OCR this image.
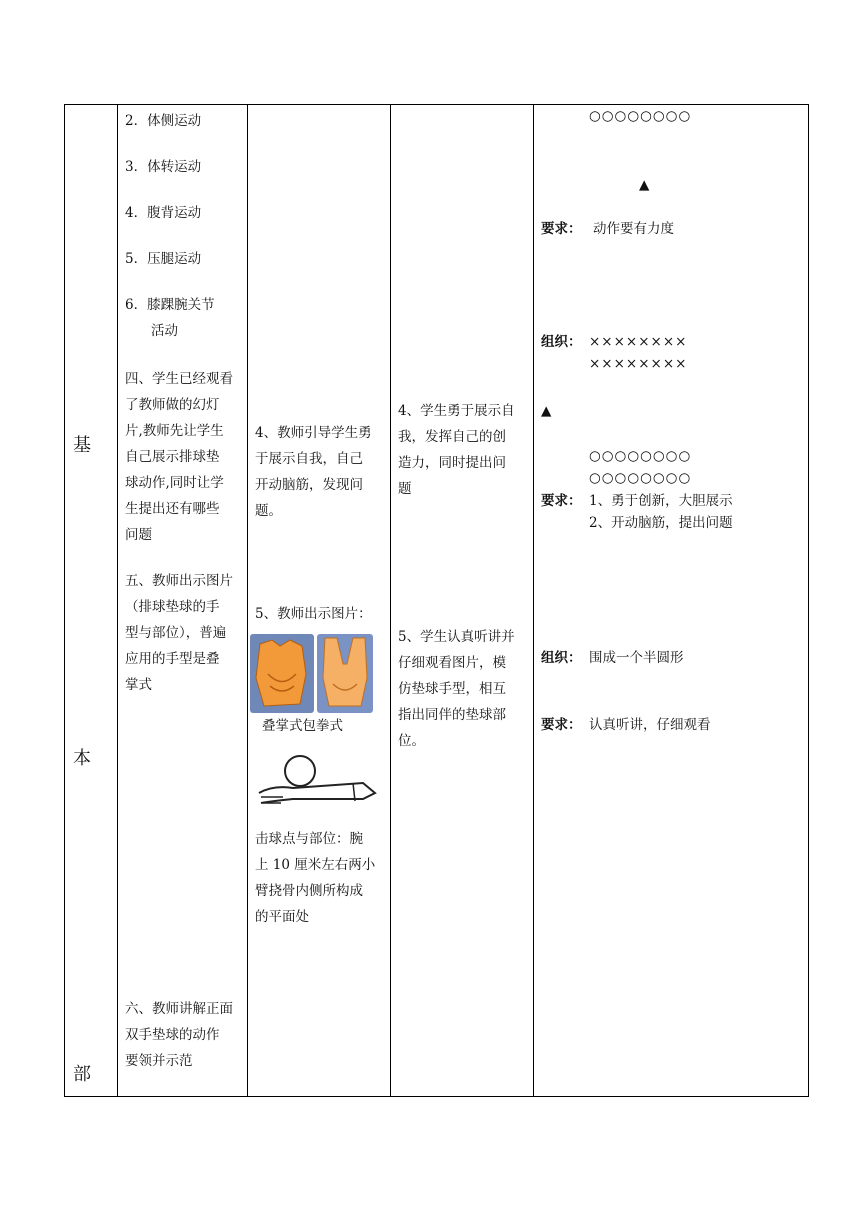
基
本
部
2．体侧运动
3．体转运动
4．腹背运动
5．压腿运动
6．膝踝腕关节
活动
四、学生已经观看
了教师做的幻灯
片,教师先让学生
自己展示排球垫
球动作,同时让学
生提出还有哪些
问题
五、教师出示图片
（排球垫球的手
型与部位），普遍
应用的手型是叠
掌式
六、教师讲解正面
双手垫球的动作
要领并示范
4、教师引导学生勇
于展示自我，自己
开动脑筋，发现问
题。
5、教师出示图片：
叠掌式包拳式
击球点与部位：腕
上 10 厘米左右两小
臂挠骨内侧所构成
的平面处
4、学生勇于展示自
我，发挥自己的创
造力，同时提出问
题
5、学生认真听讲并
仔细观看图片，模
仿垫球手型，相互
指出同伴的垫球部
位。
○○○○○○○○
▲
要求： 动作要有力度
组织： ××××××××
××××××××
▲
○○○○○○○○
○○○○○○○○
要求： 1、勇于创新，大胆展示
2、开动脑筋，提出问题
组织： 围成一个半圆形
要求： 认真听讲，仔细观看
